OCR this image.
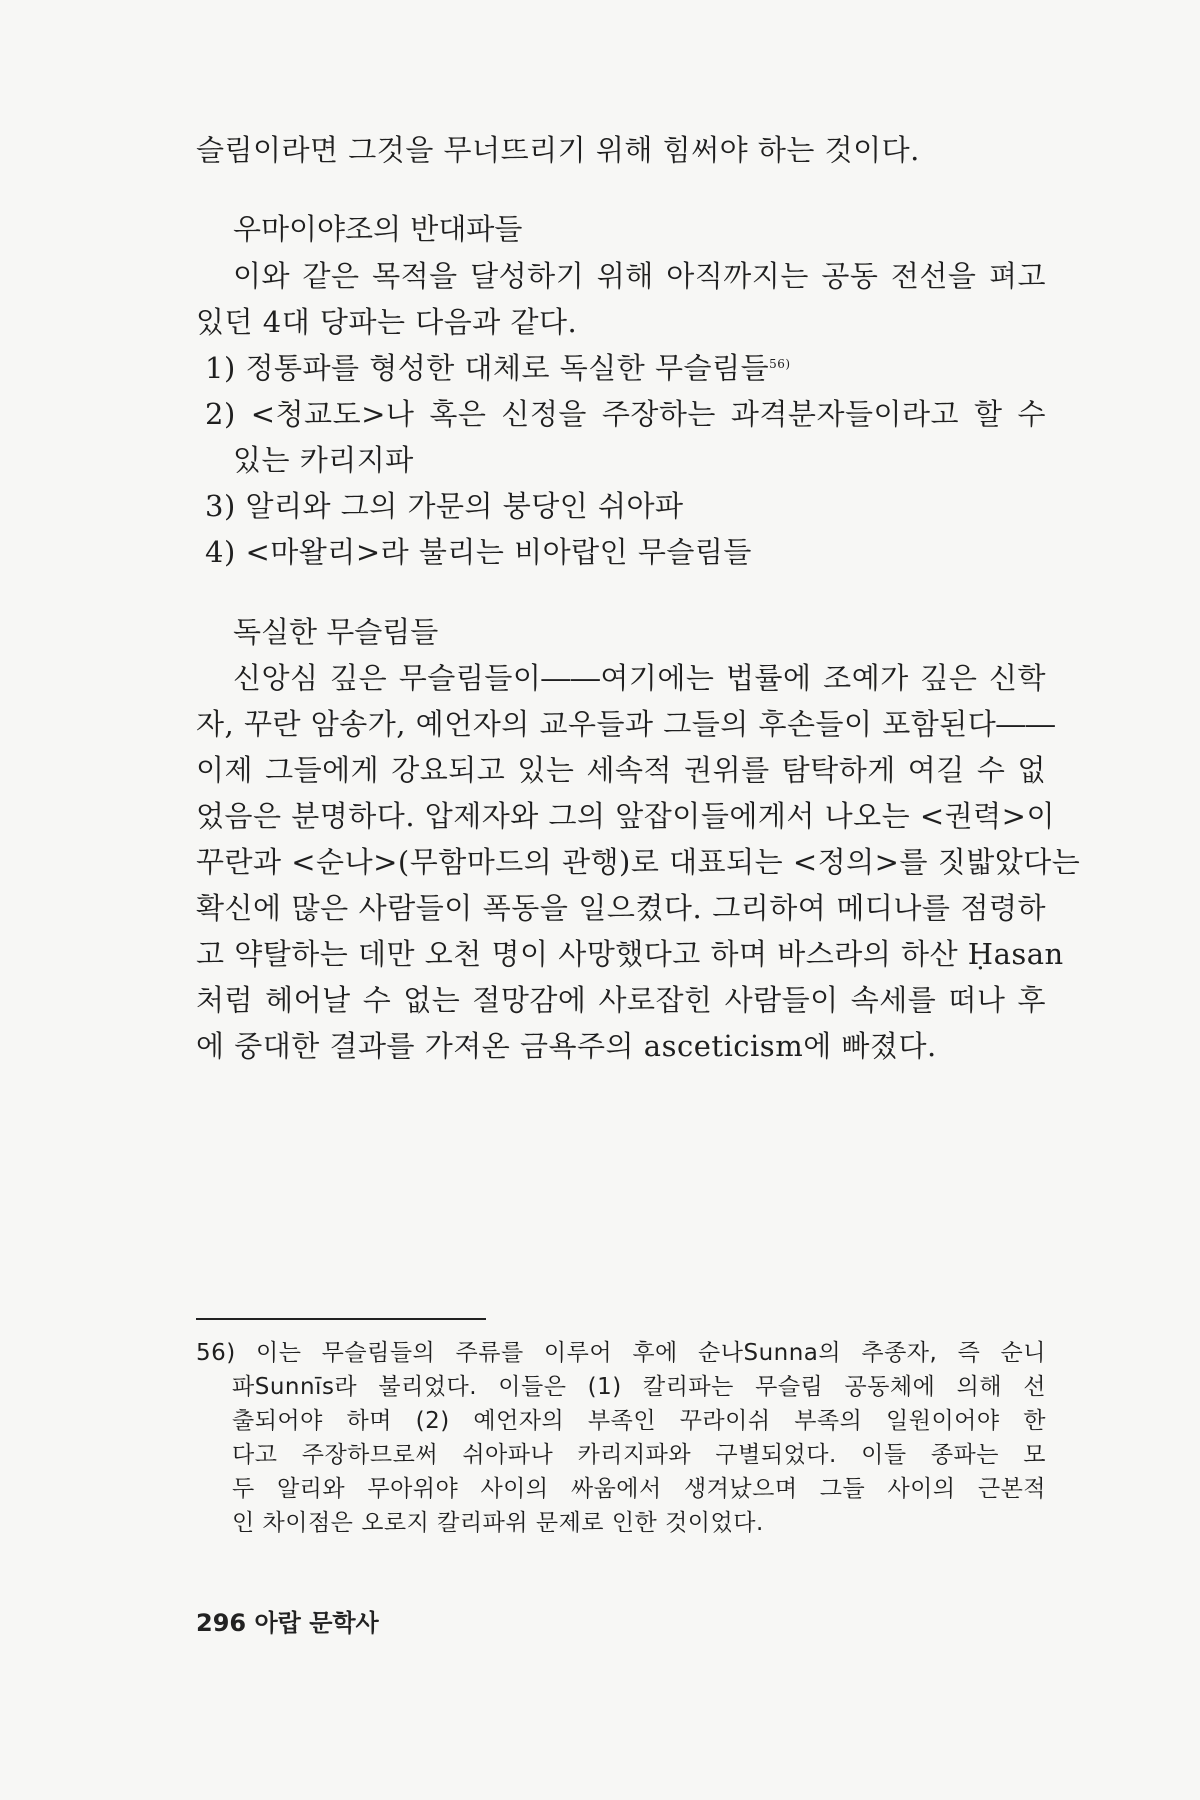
슬림이라면 그것을 무너뜨리기 위해 힘써야 하는 것이다.
우마이야조의 반대파들
이와 같은 목적을 달성하기 위해 아직까지는 공동 전선을 펴고
있던 4대 당파는 다음과 같다.
1) 정통파를 형성한 대체로 독실한 무슬림들$^{56)}$
2) <청교도>나 혹은 신정을 주장하는 과격분자들이라고 할 수
있는 카리지파
3) 알리와 그의 가문의 붕당인 쉬아파
4) <마왈리>라 불리는 비아랍인 무슬림들
독실한 무슬림들
신앙심 깊은 무슬림들이――여기에는 법률에 조예가 깊은 신학
자, 꾸란 암송가, 예언자의 교우들과 그들의 후손들이 포함된다――
이제 그들에게 강요되고 있는 세속적 권위를 탐탁하게 여길 수 없
었음은 분명하다. 압제자와 그의 앞잡이들에게서 나오는 <권력>이
꾸란과 <순나>(무함마드의 관행)로 대표되는 <정의>를 짓밟았다는
확신에 많은 사람들이 폭동을 일으켰다. 그리하여 메디나를 점령하
고 약탈하는 데만 오천 명이 사망했다고 하며 바스라의 하산 Ḥasan
처럼 헤어날 수 없는 절망감에 사로잡힌 사람들이 속세를 떠나 후
에 중대한 결과를 가져온 금욕주의 asceticism에 빠졌다.
56) 이는 무슬림들의 주류를 이루어 후에 순나Sunna의 추종자, 즉 순니
파Sunnīs라 불리었다. 이들은 (1) 칼리파는 무슬림 공동체에 의해 선
출되어야 하며 (2) 예언자의 부족인 꾸라이쉬 부족의 일원이어야 한
다고 주장하므로써 쉬아파나 카리지파와 구별되었다. 이들 종파는 모
두 알리와 무아위야 사이의 싸움에서 생겨났으며 그들 사이의 근본적
인 차이점은 오로지 칼리파위 문제로 인한 것이었다.
296 아랍 문학사
